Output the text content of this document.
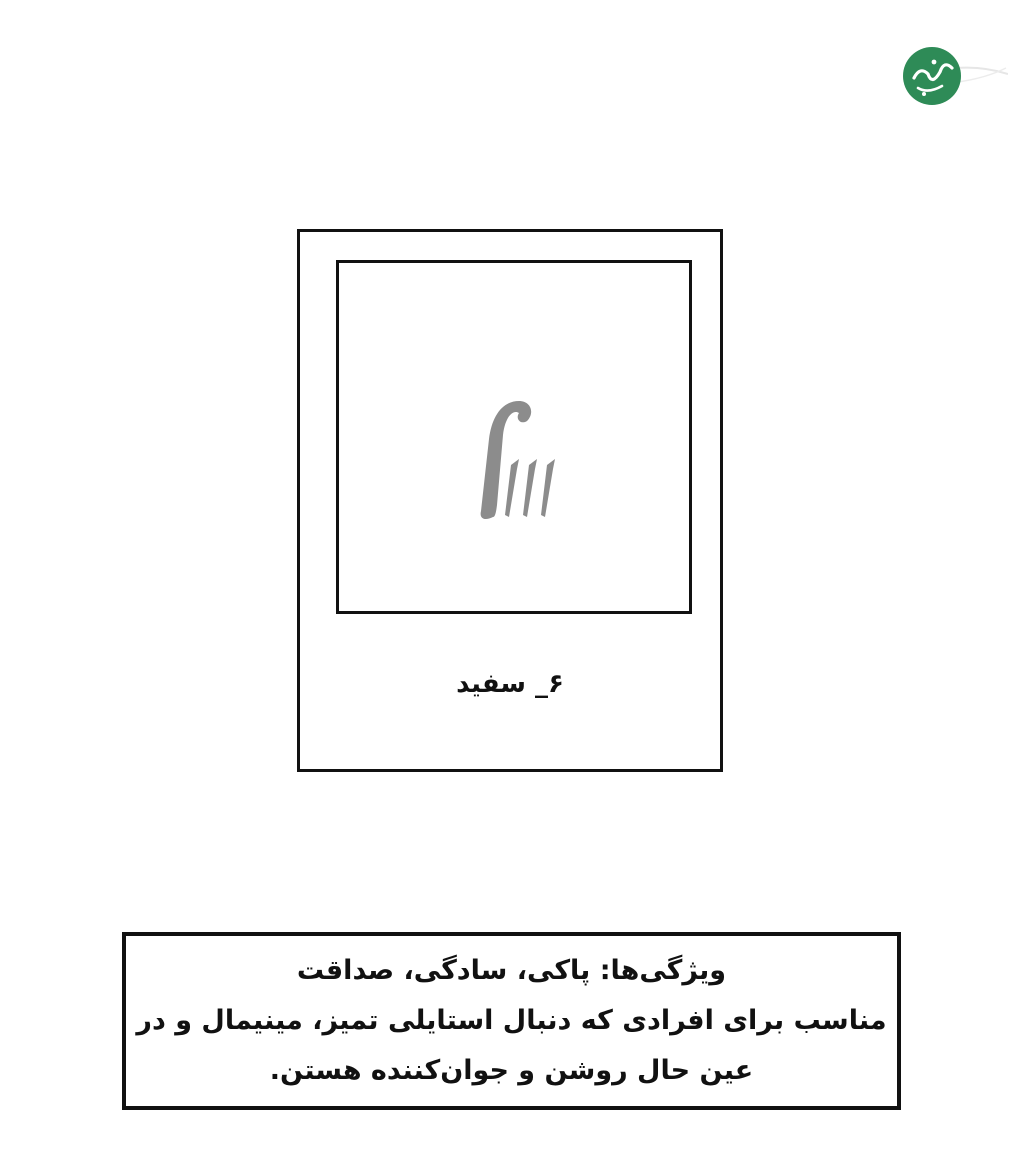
۶_ سفید
ویژگی‌ها: پاکی، سادگی، صداقت
مناسب برای افرادی که دنبال استایلی تمیز، مینیمال و در
عین حال روشن و جوان‌کننده هستن.
